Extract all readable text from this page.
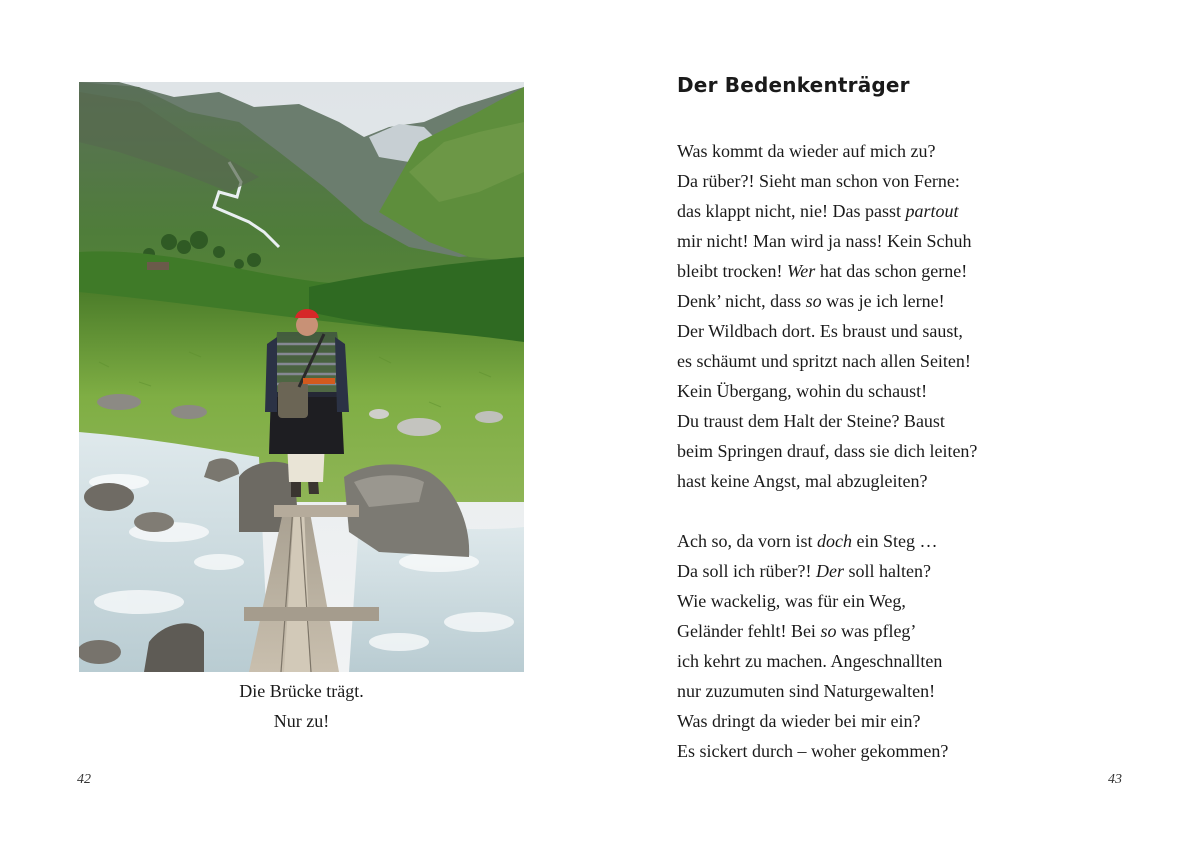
Die Brücke trägt.
Nur zu!
42
Der Bedenkenträger
Was kommt da wieder auf mich zu?
Da rüber?! Sieht man schon von Ferne:
das klappt nicht, nie! Das passt partout
mir nicht! Man wird ja nass! Kein Schuh
bleibt trocken! Wer hat das schon gerne!
Denk’ nicht, dass so was je ich lerne!
Der Wildbach dort. Es braust und saust,
es schäumt und spritzt nach allen Seiten!
Kein Übergang, wohin du schaust!
Du traust dem Halt der Steine? Baust
beim Springen drauf, dass sie dich leiten?
hast keine Angst, mal abzugleiten?
Ach so, da vorn ist doch ein Steg …
Da soll ich rüber?! Der soll halten?
Wie wackelig, was für ein Weg,
Geländer fehlt! Bei so was pfleg’
ich kehrt zu machen. Angeschnallten
nur zuzumuten sind Naturgewalten!
Was dringt da wieder bei mir ein?
Es sickert durch – woher gekommen?
43
